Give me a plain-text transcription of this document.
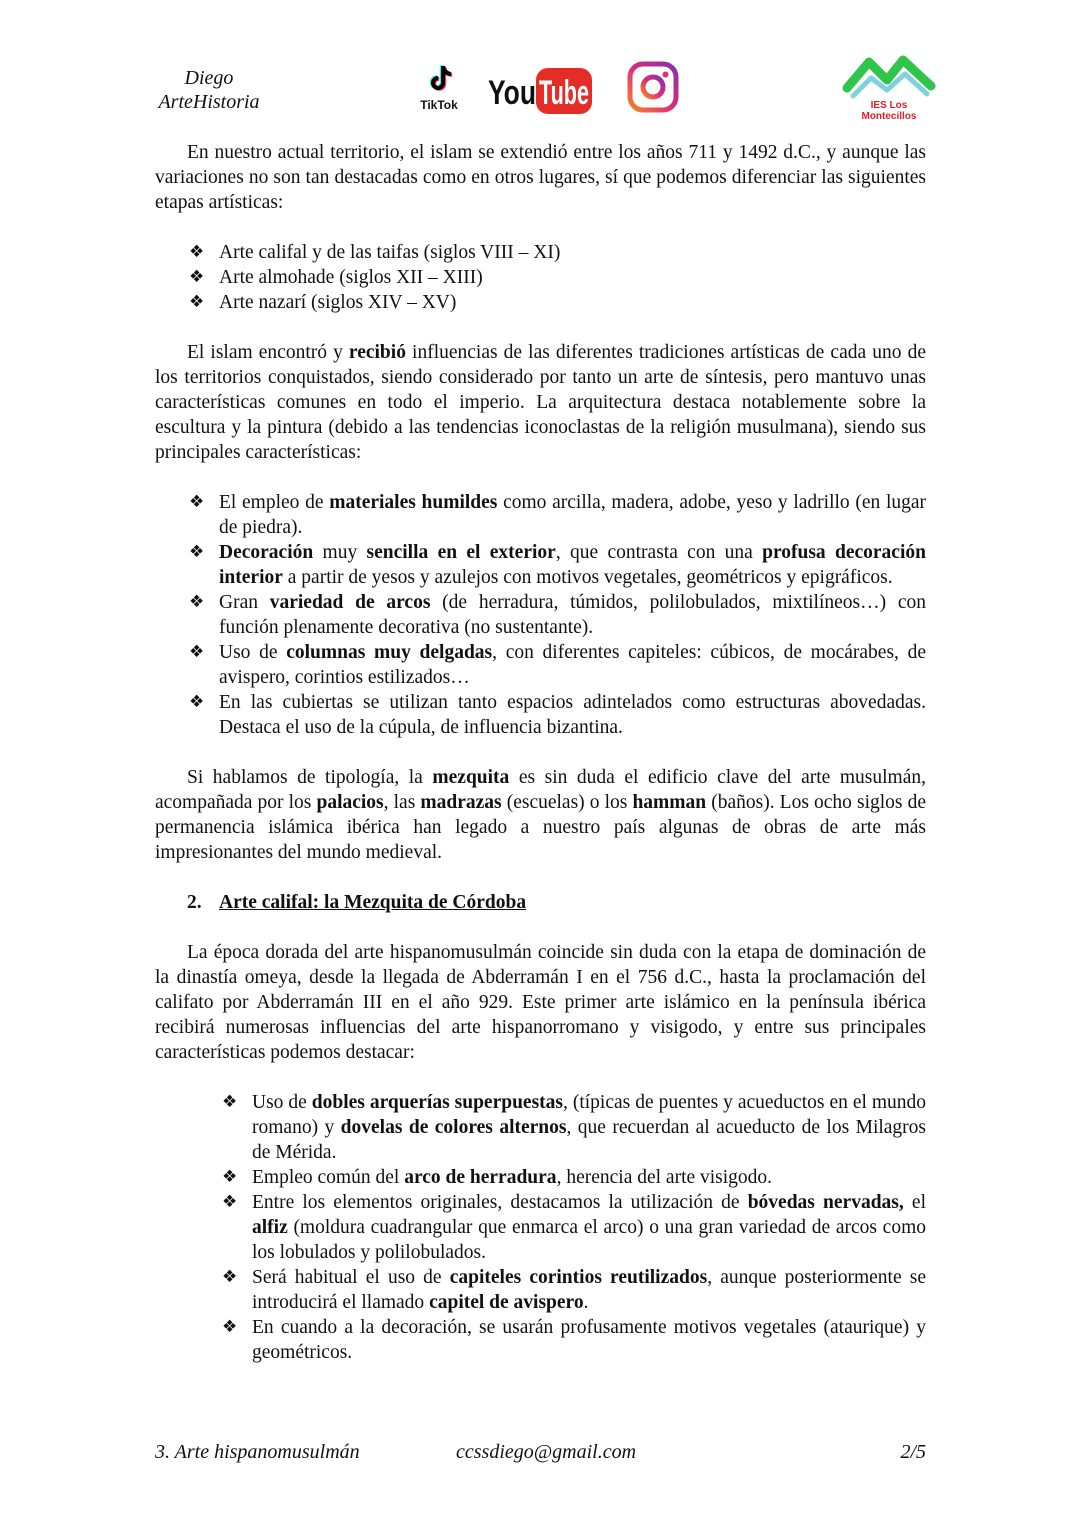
Diego
ArteHistoria	TikTok You Tube	IES Los Montecillos

En nuestro actual territorio, el islam se extendió entre los años 711 y 1492 d.C., y aunque las variaciones no son tan destacadas como en otros lugares, sí que podemos diferenciar las siguientes etapas artísticas:

❖ Arte califal y de las taifas (siglos VIII – XI)
❖ Arte almohade (siglos XII – XIII)
❖ Arte nazarí (siglos XIV – XV)

El islam encontró y recibió influencias de las diferentes tradiciones artísticas de cada uno de los territorios conquistados, siendo considerado por tanto un arte de síntesis, pero mantuvo unas características comunes en todo el imperio. La arquitectura destaca notablemente sobre la escultura y la pintura (debido a las tendencias iconoclastas de la religión musulmana), siendo sus principales características:

❖ El empleo de materiales humildes como arcilla, madera, adobe, yeso y ladrillo (en lugar de piedra).
❖ Decoración muy sencilla en el exterior, que contrasta con una profusa decoración interior a partir de yesos y azulejos con motivos vegetales, geométricos y epigráficos.
❖ Gran variedad de arcos (de herradura, túmidos, polilobulados, mixtilíneos…) con función plenamente decorativa (no sustentante).
❖ Uso de columnas muy delgadas, con diferentes capiteles: cúbicos, de mocárabes, de avispero, corintios estilizados…
❖ En las cubiertas se utilizan tanto espacios adintelados como estructuras abovedadas. Destaca el uso de la cúpula, de influencia bizantina.

Si hablamos de tipología, la mezquita es sin duda el edificio clave del arte musulmán, acompañada por los palacios, las madrazas (escuelas) o los hamman (baños). Los ocho siglos de permanencia islámica ibérica han legado a nuestro país algunas de obras de arte más impresionantes del mundo medieval.

2. Arte califal: la Mezquita de Córdoba

La época dorada del arte hispanomusulmán coincide sin duda con la etapa de dominación de la dinastía omeya, desde la llegada de Abderramán I en el 756 d.C., hasta la proclamación del califato por Abderramán III en el año 929. Este primer arte islámico en la península ibérica recibirá numerosas influencias del arte hispanorromano y visigodo, y entre sus principales características podemos destacar:

❖ Uso de dobles arquerías superpuestas, (típicas de puentes y acueductos en el mundo romano) y dovelas de colores alternos, que recuerdan al acueducto de los Milagros de Mérida.
❖ Empleo común del arco de herradura, herencia del arte visigodo.
❖ Entre los elementos originales, destacamos la utilización de bóvedas nervadas, el alfiz (moldura cuadrangular que enmarca el arco) o una gran variedad de arcos como los lobulados y polilobulados.
❖ Será habitual el uso de capiteles corintios reutilizados, aunque posteriormente se introducirá el llamado capitel de avispero.
❖ En cuando a la decoración, se usarán profusamente motivos vegetales (ataurique) y geométricos.
3. Arte hispanomusulmán	ccssdiego@gmail.com	2/5
